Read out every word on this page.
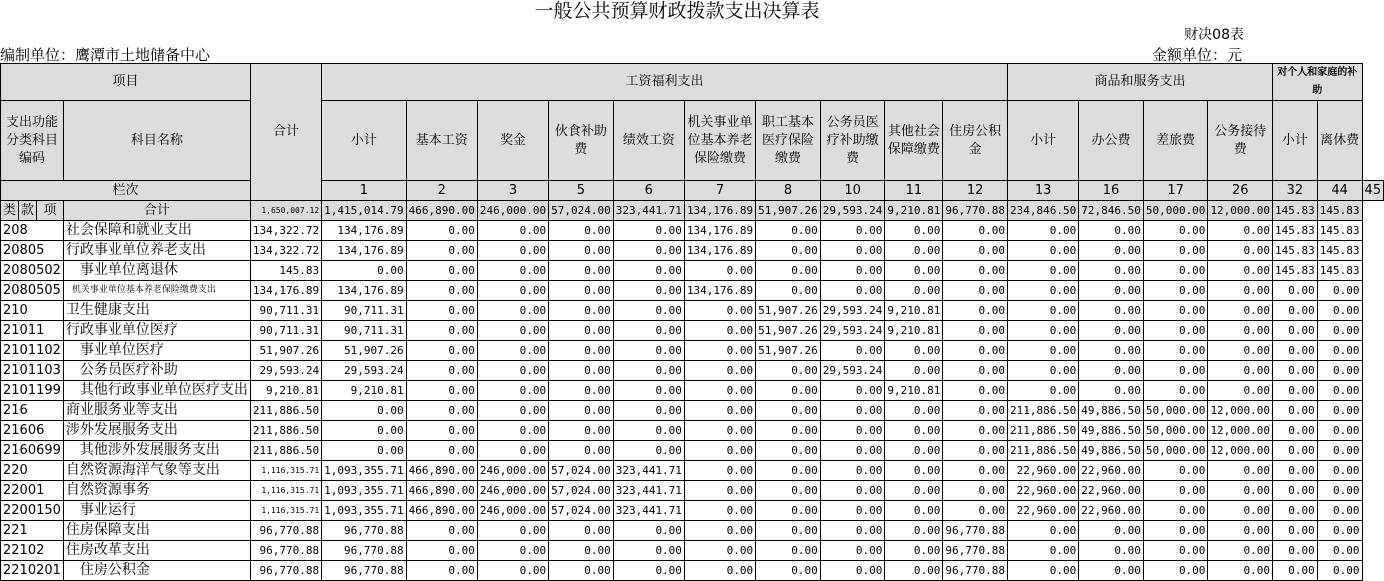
一般公共预算财政拨款支出决算表
财决08表
编制单位：鹰潭市土地储备中心	金额单位：元
项目				合计	工资福利支出										商品和服务支出				对个人和家庭的补助		
支出功能分类科目编码			科目名称		小计	基本工资	奖金	伙食补助费	绩效工资	机关事业单位基本养老保险缴费	职工基本医疗保险缴费	公务员医疗补助缴费	其他社会保障缴费	住房公积金	小计	办公费	差旅费	公务接待费	小计	离休费	
栏次					1	2	3	5	6	7	8	10	11	12	13	16	17	26	32	44	45
类	款	项	合计	1,650,007.12	1,415,014.79	466,890.00	246,000.00	57,024.00	323,441.71	134,176.89	51,907.26	29,593.24	9,210.81	96,770.88	234,846.50	72,846.50	50,000.00	12,000.00	145.83	145.83	
208			社会保障和就业支出	134,322.72	134,176.89	0.00	0.00	0.00	0.00	134,176.89	0.00	0.00	0.00	0.00	0.00	0.00	0.00	0.00	145.83	145.83	
20805			行政事业单位养老支出	134,322.72	134,176.89	0.00	0.00	0.00	0.00	134,176.89	0.00	0.00	0.00	0.00	0.00	0.00	0.00	0.00	145.83	145.83	
2080502			事业单位离退休	145.83	0.00	0.00	0.00	0.00	0.00	0.00	0.00	0.00	0.00	0.00	0.00	0.00	0.00	0.00	145.83	145.83	
2080505			机关事业单位基本养老保险缴费支出	134,176.89	134,176.89	0.00	0.00	0.00	0.00	134,176.89	0.00	0.00	0.00	0.00	0.00	0.00	0.00	0.00	0.00	0.00	
210			卫生健康支出	90,711.31	90,711.31	0.00	0.00	0.00	0.00	0.00	51,907.26	29,593.24	9,210.81	0.00	0.00	0.00	0.00	0.00	0.00	0.00	
21011			行政事业单位医疗	90,711.31	90,711.31	0.00	0.00	0.00	0.00	0.00	51,907.26	29,593.24	9,210.81	0.00	0.00	0.00	0.00	0.00	0.00	0.00	
2101102			事业单位医疗	51,907.26	51,907.26	0.00	0.00	0.00	0.00	0.00	51,907.26	0.00	0.00	0.00	0.00	0.00	0.00	0.00	0.00	0.00	
2101103			公务员医疗补助	29,593.24	29,593.24	0.00	0.00	0.00	0.00	0.00	0.00	29,593.24	0.00	0.00	0.00	0.00	0.00	0.00	0.00	0.00	
2101199			其他行政事业单位医疗支出	9,210.81	9,210.81	0.00	0.00	0.00	0.00	0.00	0.00	0.00	9,210.81	0.00	0.00	0.00	0.00	0.00	0.00	0.00	
216			商业服务业等支出	211,886.50	0.00	0.00	0.00	0.00	0.00	0.00	0.00	0.00	0.00	0.00	211,886.50	49,886.50	50,000.00	12,000.00	0.00	0.00	
21606			涉外发展服务支出	211,886.50	0.00	0.00	0.00	0.00	0.00	0.00	0.00	0.00	0.00	0.00	211,886.50	49,886.50	50,000.00	12,000.00	0.00	0.00	
2160699			其他涉外发展服务支出	211,886.50	0.00	0.00	0.00	0.00	0.00	0.00	0.00	0.00	0.00	0.00	211,886.50	49,886.50	50,000.00	12,000.00	0.00	0.00	
220			自然资源海洋气象等支出	1,116,315.71	1,093,355.71	466,890.00	246,000.00	57,024.00	323,441.71	0.00	0.00	0.00	0.00	0.00	22,960.00	22,960.00	0.00	0.00	0.00	0.00	
22001			自然资源事务	1,116,315.71	1,093,355.71	466,890.00	246,000.00	57,024.00	323,441.71	0.00	0.00	0.00	0.00	0.00	22,960.00	22,960.00	0.00	0.00	0.00	0.00	
2200150			事业运行	1,116,315.71	1,093,355.71	466,890.00	246,000.00	57,024.00	323,441.71	0.00	0.00	0.00	0.00	0.00	22,960.00	22,960.00	0.00	0.00	0.00	0.00	
221			住房保障支出	96,770.88	96,770.88	0.00	0.00	0.00	0.00	0.00	0.00	0.00	0.00	96,770.88	0.00	0.00	0.00	0.00	0.00	0.00	
22102			住房改革支出	96,770.88	96,770.88	0.00	0.00	0.00	0.00	0.00	0.00	0.00	0.00	96,770.88	0.00	0.00	0.00	0.00	0.00	0.00	
2210201			住房公积金	96,770.88	96,770.88	0.00	0.00	0.00	0.00	0.00	0.00	0.00	0.00	96,770.88	0.00	0.00	0.00	0.00	0.00	0.00	
